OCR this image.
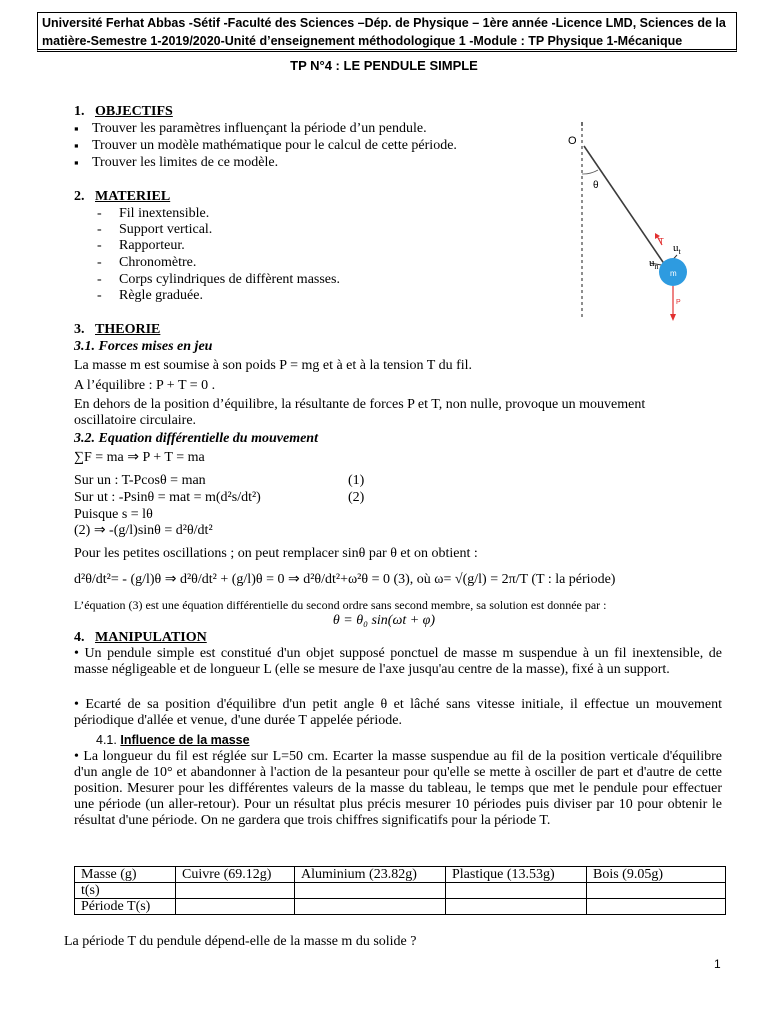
Université Ferhat Abbas -Sétif -Faculté des Sciences –Dép. de Physique – 1ère année -Licence LMD, Sciences de la
matière-Semestre 1-2019/2020-Unité d’enseignement méthodologique 1 -Module : TP Physique 1-Mécanique
TP N°4 : LE PENDULE SIMPLE
1. OBJECTIFS
▪ Trouver les paramètres influençant la période d’un pendule.
▪ Trouver un modèle mathématique pour le calcul de cette période.
▪ Trouver les limites de ce modèle.
2. MATERIEL
- Fil inextensible.
- Support vertical.
- Rapporteur.
- Chronomètre.
- Corps cylindriques de diffèrent masses.
- Règle graduée.
O
θ
T
$u_n$
$u_t$
m
P
3. THEORIE
3.1. Forces mises en jeu
La masse m est soumise à son poids P = mg et à et à la tension T du fil.
A l’équilibre : P + T = 0 .
En dehors de la position d’équilibre, la résultante de forces P et T, non nulle, provoque un mouvement
oscillatoire circulaire.
3.2. Equation différentielle du mouvement
∑F = ma ⇒ P + T = ma
Sur un : T-Pcosθ = man	(1)
Sur ut : -Psinθ = mat = m(d²s/dt²)	(2)
Puisque s = lθ
(2) ⇒ -(g/l)sinθ = d²θ/dt²
Pour les petites oscillations ; on peut remplacer sinθ par θ et on obtient :
d²θ/dt²= - (g/l)θ ⇒ d²θ/dt² + (g/l)θ = 0 ⇒ d²θ/dt²+ω²θ = 0 (3), où ω= √(g/l) = 2π/T (T : la période)
L’équation (3) est une équation différentielle du second ordre sans second membre, sa solution est donnée par :
θ = θ₀ sin(ωt + φ)
4. MANIPULATION
• Un pendule simple est constitué d'un objet supposé ponctuel de masse m suspendue à un fil inextensible, de masse négligeable et de longueur L (elle se mesure de l'axe jusqu'au centre de la masse), fixé à un support.
• Ecarté de sa position d'équilibre d'un petit angle θ et lâché sans vitesse initiale, il effectue un mouvement périodique d'allée et venue, d'une durée T appelée période.
4.1. Influence de la masse
• La longueur du fil est réglée sur L=50 cm. Ecarter la masse suspendue au fil de la position verticale d'équilibre d'un angle de 10° et abandonner à l'action de la pesanteur pour qu'elle se mette à osciller de part et d'autre de cette position. Mesurer pour les différentes valeurs de la masse du tableau, le temps que met le pendule pour effectuer une période (un aller-retour). Pour un résultat plus précis mesurer 10 périodes puis diviser par 10 pour obtenir le résultat d'une période. On ne gardera que trois chiffres significatifs pour la période T.
Masse (g)	Cuivre (69.12g)	Aluminium (23.82g)	Plastique (13.53g)	Bois (9.05g)
t(s)				
Période T(s)				
La période T du pendule dépend-elle de la masse m du solide ?
1
